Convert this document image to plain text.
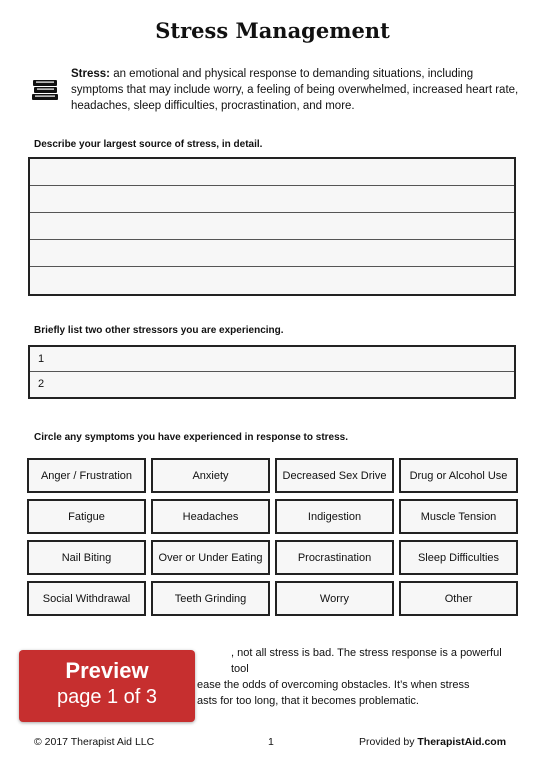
Stress Management
Stress: an emotional and physical response to demanding situations, including symptoms that may include worry, a feeling of being overwhelmed, increased heart rate, headaches, sleep difficulties, procrastination, and more.
Describe your largest source of stress, in detail.
Briefly list two other stressors you are experiencing.
1
2
Circle any symptoms you have experienced in response to stress.
Anger / Frustration	Anxiety	Decreased Sex Drive	Drug or Alcohol Use
Fatigue	Headaches	Indigestion	Muscle Tension
Nail Biting	Over or Under Eating	Procrastination	Sleep Difficulties
Social Withdrawal	Teeth Grinding	Worry	Other
, not all stress is bad. The stress response is a powerful tool
ease the odds of overcoming obstacles. It’s when stress
asts for too long, that it becomes problematic.
Preview
page 1 of 3
© 2017 Therapist Aid LLC	1	Provided by TherapistAid.com
